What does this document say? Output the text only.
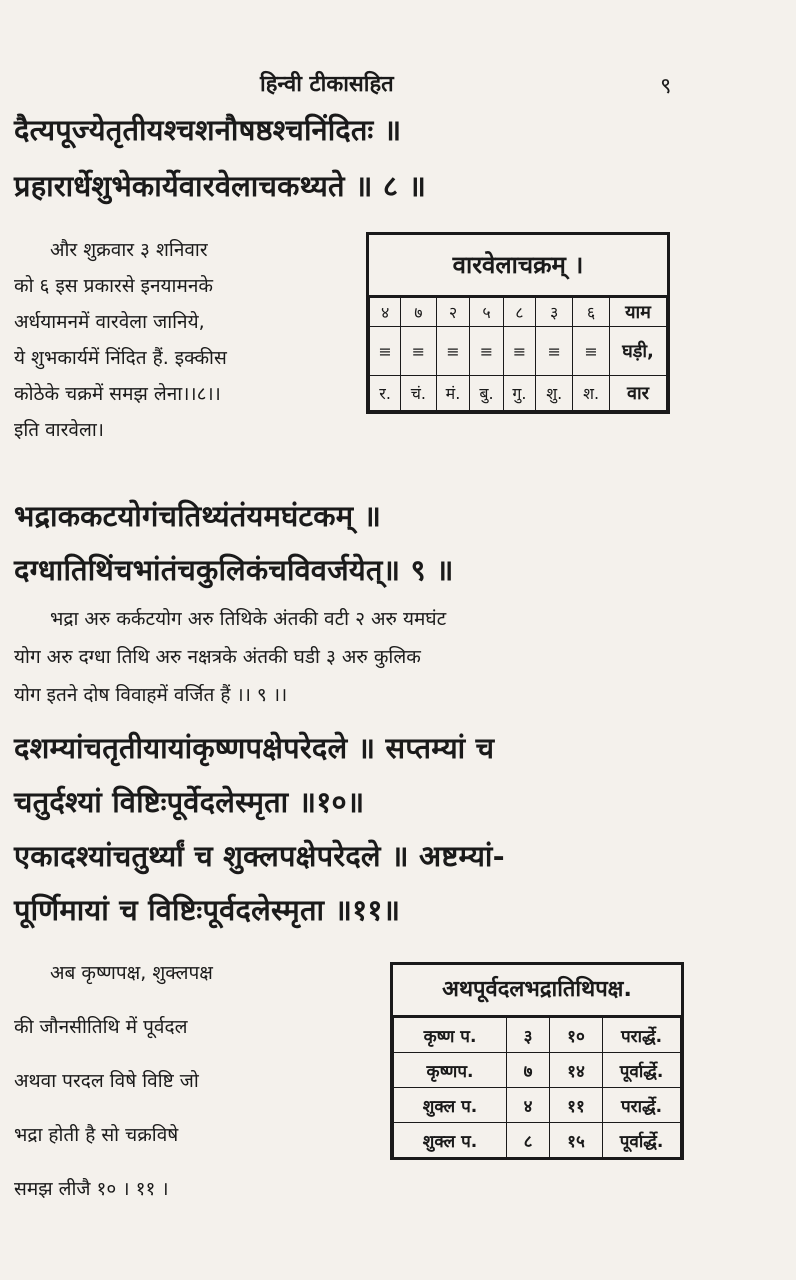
हिन्वी टीकासहित	९
दैत्यपूज्येतृतीयश्चशनौषष्ठश्चनिंदितः ॥
प्रहारार्धेशुभेकार्येवारवेलाचकथ्यते ॥ ८ ॥
और शुक्रवार ३ शनिवार
को ६ इस प्रकारसे इनयामनके
अर्धयामनमें वारवेला जानिये,
ये शुभकार्यमें निंदित हैं. इक्कीस
कोठेके चक्रमें समझ लेना।।८।।
इति वारवेला।
वारवेलाचक्रम् ।
४	७	२	५	८	३	६	याम
≡	≡	≡	≡	≡	≡	≡	घड़ी,
र.	चं.	मं.	बु.	गु.	शु.	श.	वार
भद्राककटयोगंचतिथ्यंतंयमघंटकम् ॥
दग्धातिथिंचभांतंचकुलिकंचविवर्जयेत्॥ ९ ॥
भद्रा अरु कर्कटयोग अरु तिथिके अंतकी वटी २ अरु यमघंट
योग अरु दग्धा तिथि अरु नक्षत्रके अंतकी घडी ३ अरु कुलिक
योग इतने दोष विवाहमें वर्जित हैं ।। ९ ।।
दशम्यांचतृतीयायांकृष्णपक्षेपरेदले ॥ सप्तम्यां च
चतुर्दश्यां विष्टिःपूर्वेदलेस्मृता ॥१०॥
एकादश्यांचतुर्थ्यां च शुक्लपक्षेपरेदले ॥ अष्टम्यां-
पूर्णिमायां च विष्टिःपूर्वदलेस्मृता ॥११॥
अब कृष्णपक्ष, शुक्लपक्ष
की जौनसीतिथि में पूर्वदल
अथवा परदल विषे विष्टि जो
भद्रा होती है सो चक्रविषे
समझ लीजै १० । ११ ।
अथपूर्वदलभद्रातिथिपक्ष.
कृष्ण प.	३	१०	परार्द्धे.
कृष्णप.	७	१४	पूर्वार्द्धे.
शुक्ल प.	४	११	परार्द्धे.
शुक्ल प.	८	१५	पूर्वार्द्धे.
